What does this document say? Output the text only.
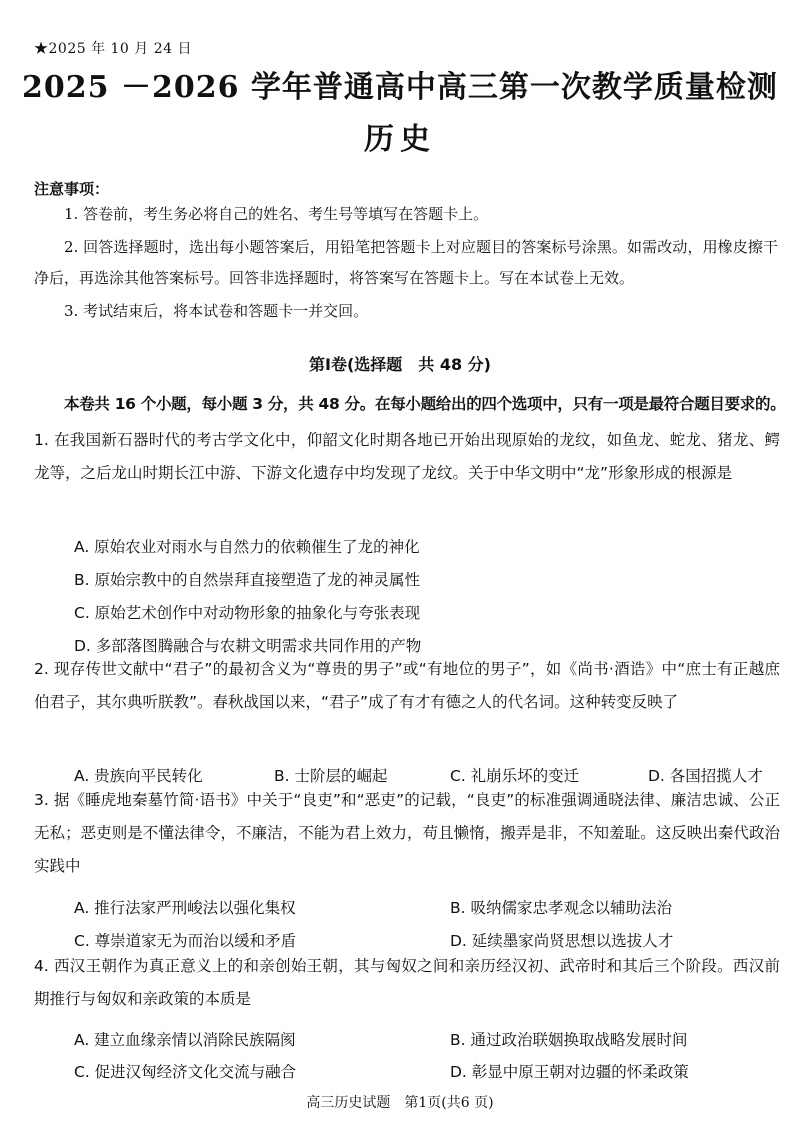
★2025 年 10 月 24 日
2025 －2026 学年普通高中高三第一次教学质量检测
历史
注意事项：
1. 答卷前，考生务必将自己的姓名、考生号等填写在答题卡上。
2. 回答选择题时，选出每小题答案后，用铅笔把答题卡上对应题目的答案标号涂黑。如需改动，用橡皮擦干净后，再选涂其他答案标号。回答非选择题时，将答案写在答题卡上。写在本试卷上无效。
3. 考试结束后，将本试卷和答题卡一并交回。
第Ⅰ卷(选择题　共 48 分)
本卷共 16 个小题，每小题 3 分，共 48 分。在每小题给出的四个选项中，只有一项是最符合题目要求的。
1. 在我国新石器时代的考古学文化中，仰韶文化时期各地已开始出现原始的龙纹，如鱼龙、蛇龙、猪龙、鳄龙等，之后龙山时期长江中游、下游文化遗存中均发现了龙纹。关于中华文明中“龙”形象形成的根源是
A. 原始农业对雨水与自然力的依赖催生了龙的神化
B. 原始宗教中的自然崇拜直接塑造了龙的神灵属性
C. 原始艺术创作中对动物形象的抽象化与夸张表现
D. 多部落图腾融合与农耕文明需求共同作用的产物
2. 现存传世文献中“君子”的最初含义为“尊贵的男子”或“有地位的男子”，如《尚书·酒诰》中“庶士有正越庶伯君子，其尔典听朕教”。春秋战国以来，“君子”成了有才有德之人的代名词。这种转变反映了
A. 贵族向平民转化	B. 士阶层的崛起	C. 礼崩乐坏的变迁	D. 各国招揽人才
3. 据《睡虎地秦墓竹简·语书》中关于“良吏”和“恶吏”的记载，“良吏”的标准强调通晓法律、廉洁忠诚、公正无私；恶吏则是不懂法律令，不廉洁，不能为君上效力，苟且懒惰，搬弄是非，不知羞耻。这反映出秦代政治实践中
A. 推行法家严刑峻法以强化集权	B. 吸纳儒家忠孝观念以辅助法治
C. 尊崇道家无为而治以缓和矛盾	D. 延续墨家尚贤思想以选拔人才
4. 西汉王朝作为真正意义上的和亲创始王朝，其与匈奴之间和亲历经汉初、武帝时和其后三个阶段。西汉前期推行与匈奴和亲政策的本质是
A. 建立血缘亲情以消除民族隔阂	B. 通过政治联姻换取战略发展时间
C. 促进汉匈经济文化交流与融合	D. 彰显中原王朝对边疆的怀柔政策
高三历史试题　第1页(共6 页)
